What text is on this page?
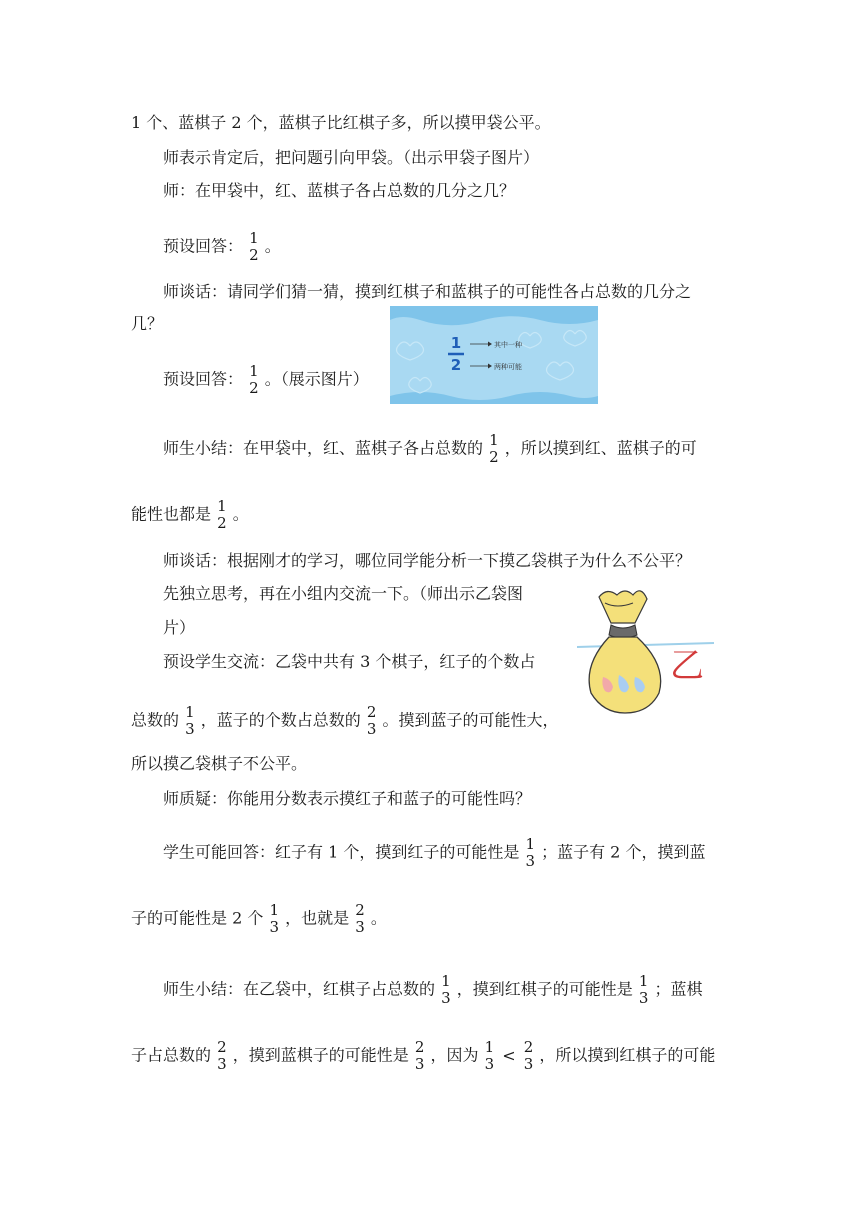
1 个、蓝棋子 2 个，蓝棋子比红棋子多，所以摸甲袋公平。
师表示肯定后，把问题引向甲袋。（出示甲袋子图片）
师：在甲袋中，红、蓝棋子各占总数的几分之几？
预设回答： 1
2 。
师谈话：请同学们猜一猜，摸到红棋子和蓝棋子的可能性各占总数的几分之
几？
预设回答： 1
2 。（展示图片）
1
2
其中一种
两种可能
师生小结：在甲袋中，红、蓝棋子各占总数的 1
2 ，所以摸到红、蓝棋子的可
能性也都是 1
2 。
师谈话：根据刚才的学习，哪位同学能分析一下摸乙袋棋子为什么不公平？
先独立思考，再在小组内交流一下。（师出示乙袋图
片）
预设学生交流：乙袋中共有 3 个棋子，红子的个数占
总数的 1
3 ，蓝子的个数占总数的 2
3 。摸到蓝子的可能性大，
乙
所以摸乙袋棋子不公平。
师质疑：你能用分数表示摸红子和蓝子的可能性吗？
学生可能回答：红子有 1 个，摸到红子的可能性是 1
3 ；蓝子有 2 个，摸到蓝
子的可能性是 2 个 1
3 ，也就是 2
3 。
师生小结：在乙袋中，红棋子占总数的 1
3 ，摸到红棋子的可能性是 1
3 ；蓝棋
子占总数的 2
3 ，摸到蓝棋子的可能性是 2
3 ，因为 1
3 < 2
3 ，所以摸到红棋子的可能
